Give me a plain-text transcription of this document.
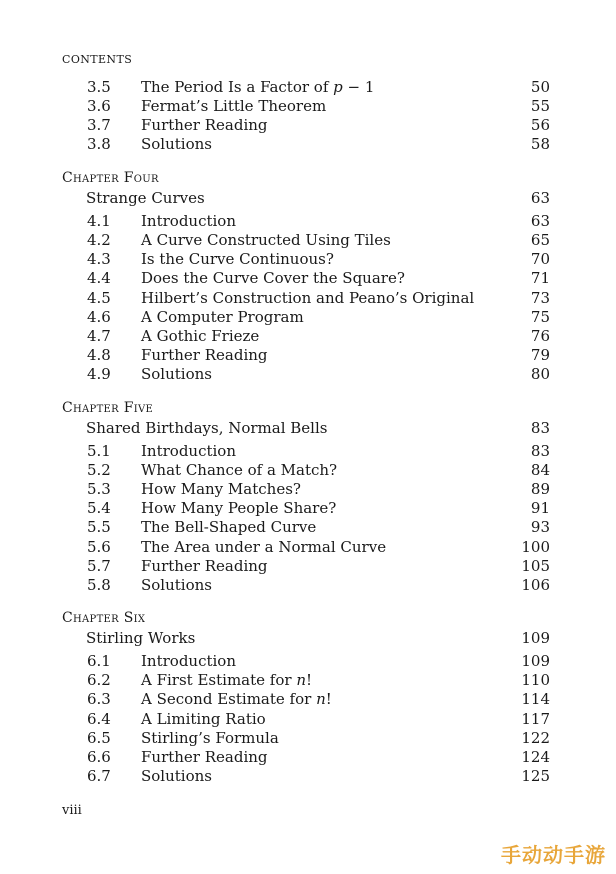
CONTENTS
3.5 The Period Is a Factor of p − 1	50
3.6 Fermat’s Little Theorem	55
3.7 Further Reading	56
3.8 Solutions	58
Chapter Four
Strange Curves	63
4.1 Introduction	63
4.2 A Curve Constructed Using Tiles	65
4.3 Is the Curve Continuous?	70
4.4 Does the Curve Cover the Square?	71
4.5 Hilbert’s Construction and Peano’s Original	73
4.6 A Computer Program	75
4.7 A Gothic Frieze	76
4.8 Further Reading	79
4.9 Solutions	80
Chapter Five
Shared Birthdays, Normal Bells	83
5.1 Introduction	83
5.2 What Chance of a Match?	84
5.3 How Many Matches?	89
5.4 How Many People Share?	91
5.5 The Bell-Shaped Curve	93
5.6 The Area under a Normal Curve	100
5.7 Further Reading	105
5.8 Solutions	106
Chapter Six
Stirling Works	109
6.1 Introduction	109
6.2 A First Estimate for n!	110
6.3 A Second Estimate for n!	114
6.4 A Limiting Ratio	117
6.5 Stirling’s Formula	122
6.6 Further Reading	124
6.7 Solutions	125
viii
手动动手游
